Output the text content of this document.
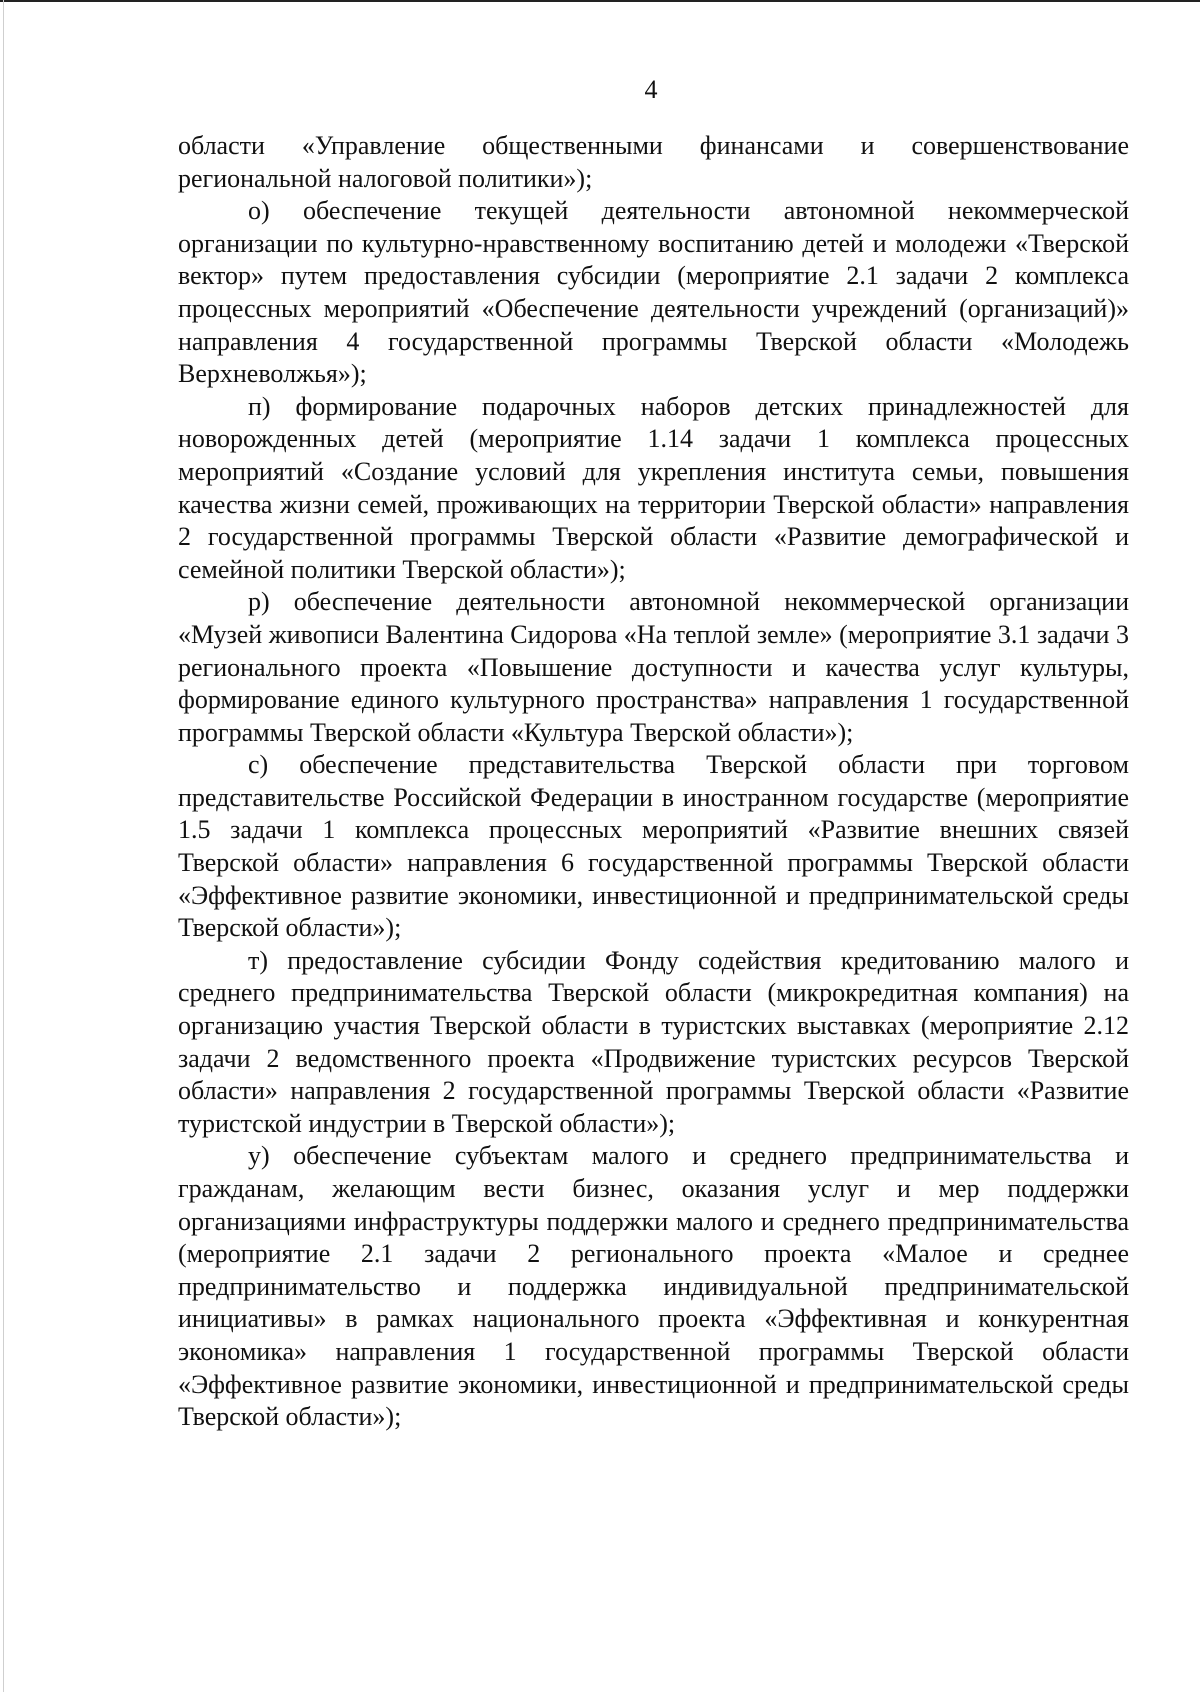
4

области «Управление общественными финансами и совершенствование региональной налоговой политики»);

о) обеспечение текущей деятельности автономной некоммерческой организации по культурно-нравственному воспитанию детей и молодежи «Тверской вектор» путем предоставления субсидии (мероприятие 2.1 задачи 2 комплекса процессных мероприятий «Обеспечение деятельности учреждений (организаций)» направления 4 государственной программы Тверской области «Молодежь Верхневолжья»);

п) формирование подарочных наборов детских принадлежностей для новорожденных детей (мероприятие 1.14 задачи 1 комплекса процессных мероприятий «Создание условий для укрепления института семьи, повышения качества жизни семей, проживающих на территории Тверской области» направления 2 государственной программы Тверской области «Развитие демографической и семейной политики Тверской области»);

р) обеспечение деятельности автономной некоммерческой организации «Музей живописи Валентина Сидорова «На теплой земле» (мероприятие 3.1 задачи 3 регионального проекта «Повышение доступности и качества услуг культуры, формирование единого культурного пространства» направления 1 государственной программы Тверской области «Культура Тверской области»);

с) обеспечение представительства Тверской области при торговом представительстве Российской Федерации в иностранном государстве (мероприятие 1.5 задачи 1 комплекса процессных мероприятий «Развитие внешних связей Тверской области» направления 6 государственной программы Тверской области «Эффективное развитие экономики, инвестиционной и предпринимательской среды Тверской области»);

т) предоставление субсидии Фонду содействия кредитованию малого и среднего предпринимательства Тверской области (микрокредитная компания) на организацию участия Тверской области в туристских выставках (мероприятие 2.12 задачи 2 ведомственного проекта «Продвижение туристских ресурсов Тверской области» направления 2 государственной программы Тверской области «Развитие туристской индустрии в Тверской области»);

у) обеспечение субъектам малого и среднего предпринимательства и гражданам, желающим вести бизнес, оказания услуг и мер поддержки организациями инфраструктуры поддержки малого и среднего предпринимательства (мероприятие 2.1 задачи 2 регионального проекта «Малое и среднее предпринимательство и поддержка индивидуальной предпринимательской инициативы» в рамках национального проекта «Эффективная и конкурентная экономика» направления 1 государственной программы Тверской области «Эффективное развитие экономики, инвестиционной и предпринимательской среды Тверской области»);
